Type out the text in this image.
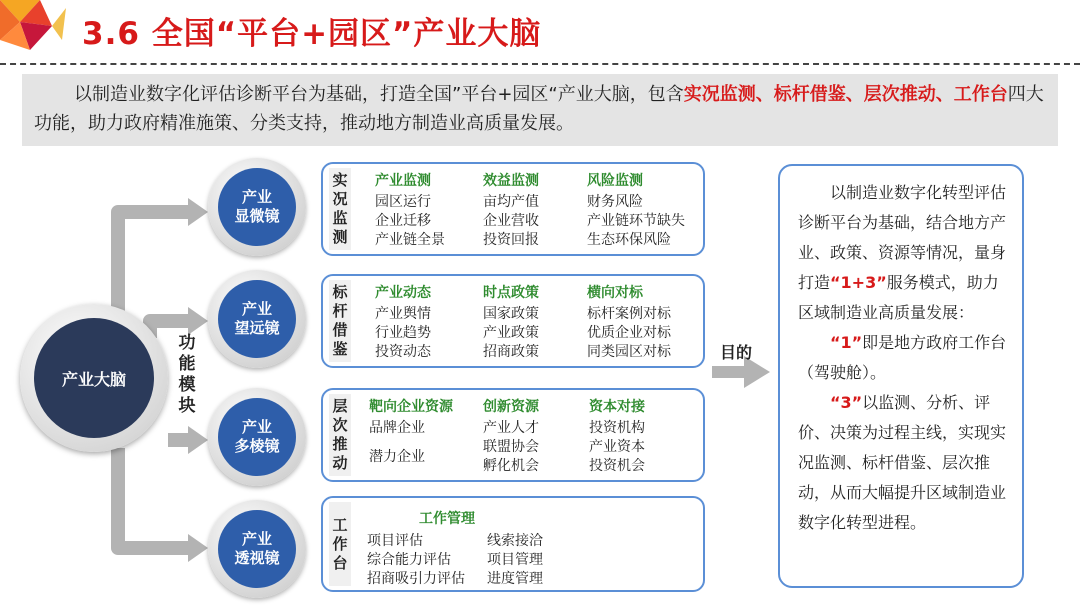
3.6 全国“平台+园区”产业大脑
以制造业数字化评估诊断平台为基础，打造全国”平台+园区“产业大脑，包含实况监测、标杆借鉴、层次推动、工作台四大功能，助力政府精准施策、分类支持，推动地方制造业高质量发展。
产业大脑
功
能
模
块
产业
显微镜
产业
望远镜
产业
多棱镜
产业
透视镜
实
况
监
测
产业监测
园区运行
企业迁移
产业链全景
效益监测
亩均产值
企业营收
投资回报
风险监测
财务风险
产业链环节缺失
生态环保风险
标
杆
借
鉴
产业动态
产业舆情
行业趋势
投资动态
时点政策
国家政策
产业政策
招商政策
横向对标
标杆案例对标
优质企业对标
同类园区对标
层
次
推
动
靶向企业资源
品牌企业
潜力企业
创新资源
产业人才
联盟协会
孵化机会
资本对接
投资机构
产业资本
投资机会
工
作
台
工作管理
项目评估
综合能力评估
招商吸引力评估
线索接洽
项目管理
进度管理
目的

以制造业数字化转型评估诊断平台为基础，结合地方产业、政策、资源等情况，量身打造“1+3”服务模式，助力区域制造业高质量发展：

“1”即是地方政府工作台（驾驶舱）。

“3”以监测、分析、评价、决策为过程主线，实现实况监测、标杆借鉴、层次推动，从而大幅提升区域制造业数字化转型进程。
